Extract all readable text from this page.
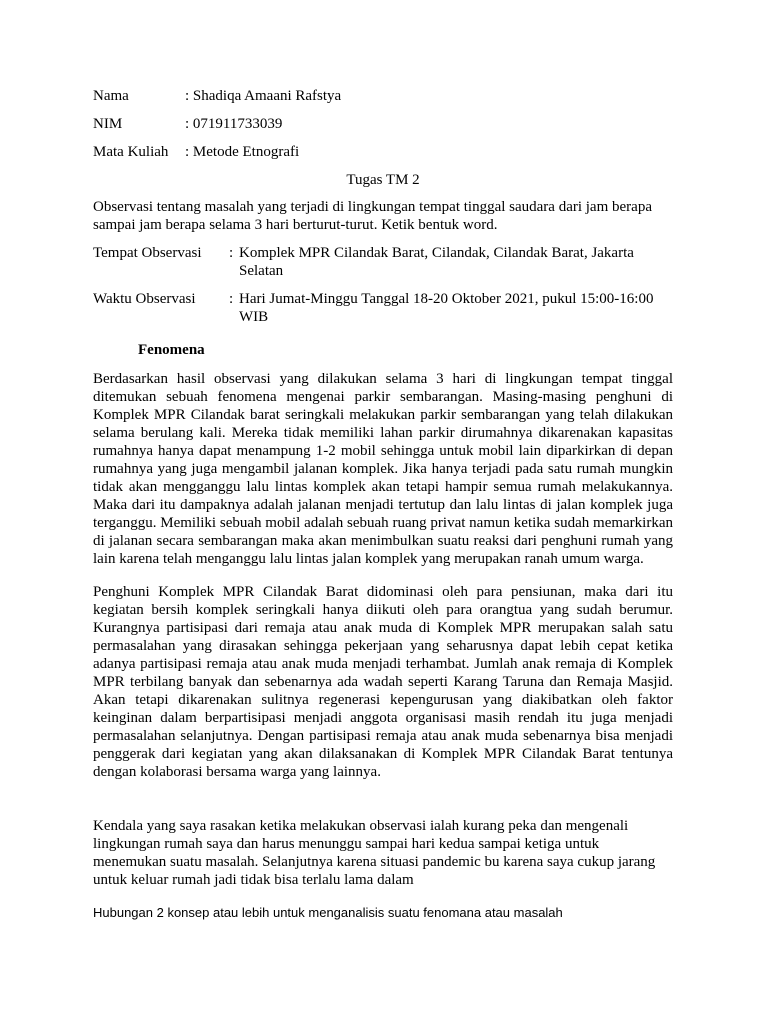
Nama	: Shadiqa Amaani Rafstya
NIM	: 071911733039
Mata Kuliah	: Metode Etnografi
Tugas TM 2
Observasi tentang masalah yang terjadi di lingkungan tempat tinggal saudara dari jam berapa sampai jam berapa selama 3 hari berturut-turut. Ketik bentuk word.
Tempat Observasi	: Komplek MPR Cilandak Barat, Cilandak, Cilandak Barat, Jakarta Selatan
Waktu Observasi	: Hari Jumat-Minggu Tanggal 18-20 Oktober 2021, pukul 15:00-16:00 WIB
Fenomena

Berdasarkan hasil observasi yang dilakukan selama 3 hari di lingkungan tempat tinggal ditemukan sebuah fenomena mengenai parkir sembarangan. Masing-masing penghuni di Komplek MPR Cilandak barat seringkali melakukan parkir sembarangan yang telah dilakukan selama berulang kali. Mereka tidak memiliki lahan parkir dirumahnya dikarenakan kapasitas rumahnya hanya dapat menampung 1-2 mobil sehingga untuk mobil lain diparkirkan di depan rumahnya yang juga mengambil jalanan komplek. Jika hanya terjadi pada satu rumah mungkin tidak akan mengganggu lalu lintas komplek akan tetapi hampir semua rumah melakukannya. Maka dari itu dampaknya adalah jalanan menjadi tertutup dan lalu lintas di jalan komplek juga terganggu. Memiliki sebuah mobil adalah sebuah ruang privat namun ketika sudah memarkirkan di jalanan secara sembarangan maka akan menimbulkan suatu reaksi dari penghuni rumah yang lain karena telah menganggu lalu lintas jalan komplek yang merupakan ranah umum warga.

Penghuni Komplek MPR Cilandak Barat didominasi oleh para pensiunan, maka dari itu kegiatan bersih komplek seringkali hanya diikuti oleh para orangtua yang sudah berumur. Kurangnya partisipasi dari remaja atau anak muda di Komplek MPR merupakan salah satu permasalahan yang dirasakan sehingga pekerjaan yang seharusnya dapat lebih cepat ketika adanya partisipasi remaja atau anak muda menjadi terhambat. Jumlah anak remaja di Komplek MPR terbilang banyak dan sebenarnya ada wadah seperti Karang Taruna dan Remaja Masjid. Akan tetapi dikarenakan sulitnya regenerasi kepengurusan yang diakibatkan oleh faktor keinginan dalam berpartisipasi menjadi anggota organisasi masih rendah itu juga menjadi permasalahan selanjutnya. Dengan partisipasi remaja atau anak muda sebenarnya bisa menjadi penggerak dari kegiatan yang akan dilaksanakan di Komplek MPR Cilandak Barat tentunya dengan kolaborasi bersama warga yang lainnya.

Kendala yang saya rasakan ketika melakukan observasi ialah kurang peka dan mengenali lingkungan rumah saya dan harus menunggu sampai hari kedua sampai ketiga untuk menemukan suatu masalah. Selanjutnya karena situasi pandemic bu karena saya cukup jarang untuk keluar rumah jadi tidak bisa terlalu lama dalam

Hubungan 2 konsep atau lebih untuk menganalisis suatu fenomana atau masalah
